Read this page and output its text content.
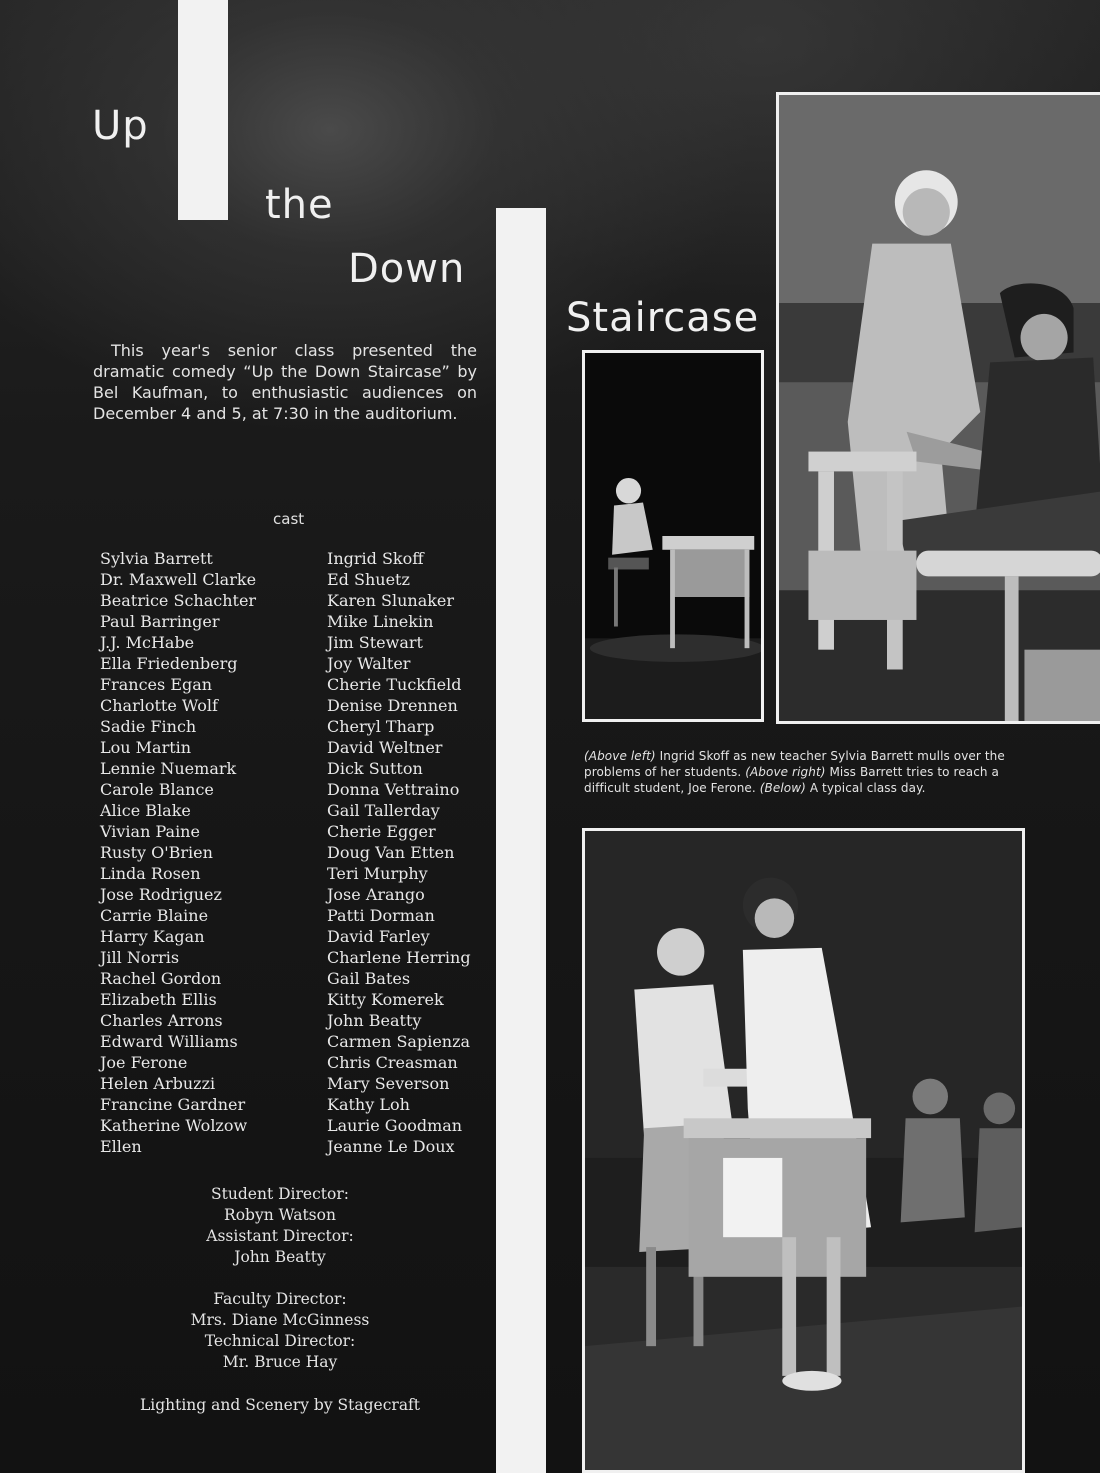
Up
the
Down
Staircase

This year's senior class presented the dramatic comedy “Up the Down Staircase” by Bel Kaufman, to enthusiastic audiences on December 4 and 5, at 7:30 in the auditorium.

cast
Sylvia Barrett
Dr. Maxwell Clarke
Beatrice Schachter
Paul Barringer
J.J. McHabe
Ella Friedenberg
Frances Egan
Charlotte Wolf
Sadie Finch
Lou Martin
Lennie Nuemark
Carole Blance
Alice Blake
Vivian Paine
Rusty O'Brien
Linda Rosen
Jose Rodriguez
Carrie Blaine
Harry Kagan
Jill Norris
Rachel Gordon
Elizabeth Ellis
Charles Arrons
Edward Williams
Joe Ferone
Helen Arbuzzi
Francine Gardner
Katherine Wolzow
Ellen
Ingrid Skoff
Ed Shuetz
Karen Slunaker
Mike Linekin
Jim Stewart
Joy Walter
Cherie Tuckfield
Denise Drennen
Cheryl Tharp
David Weltner
Dick Sutton
Donna Vettraino
Gail Tallerday
Cherie Egger
Doug Van Etten
Teri Murphy
Jose Arango
Patti Dorman
David Farley
Charlene Herring
Gail Bates
Kitty Komerek
John Beatty
Carmen Sapienza
Chris Creasman
Mary Severson
Kathy Loh
Laurie Goodman
Jeanne Le Doux
Student Director:
Robyn Watson
Assistant Director:
John Beatty
Faculty Director:
Mrs. Diane McGinness
Technical Director:
Mr. Bruce Hay
Lighting and Scenery by Stagecraft
(Above left) Ingrid Skoff as new teacher Sylvia Barrett mulls over the problems of her students. (Above right) Miss Barrett tries to reach a difficult student, Joe Ferone. (Below) A typical class day.
